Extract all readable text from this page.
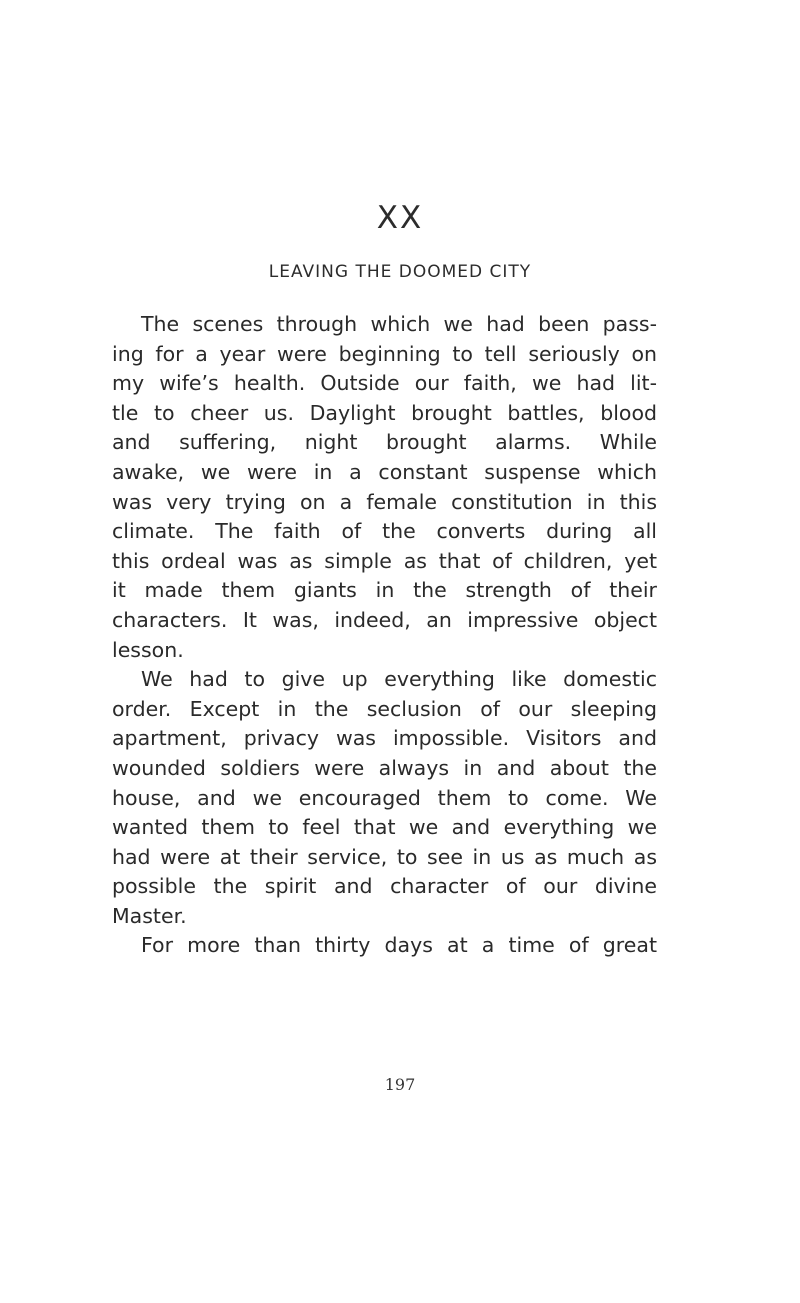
XX
LEAVING THE DOOMED CITY
The scenes through which we had been pass-
ing for a year were beginning to tell seriously on
my wife’s health. Outside our faith, we had lit-
tle to cheer us. Daylight brought battles, blood
and suffering, night brought alarms. While
awake, we were in a constant suspense which
was very trying on a female constitution in this
climate. The faith of the converts during all
this ordeal was as simple as that of children, yet
it made them giants in the strength of their
characters. It was, indeed, an impressive object
lesson.
We had to give up everything like domestic
order. Except in the seclusion of our sleeping
apartment, privacy was impossible. Visitors and
wounded soldiers were always in and about the
house, and we encouraged them to come. We
wanted them to feel that we and everything we
had were at their service, to see in us as much as
possible the spirit and character of our divine
Master.
For more than thirty days at a time of great
197
